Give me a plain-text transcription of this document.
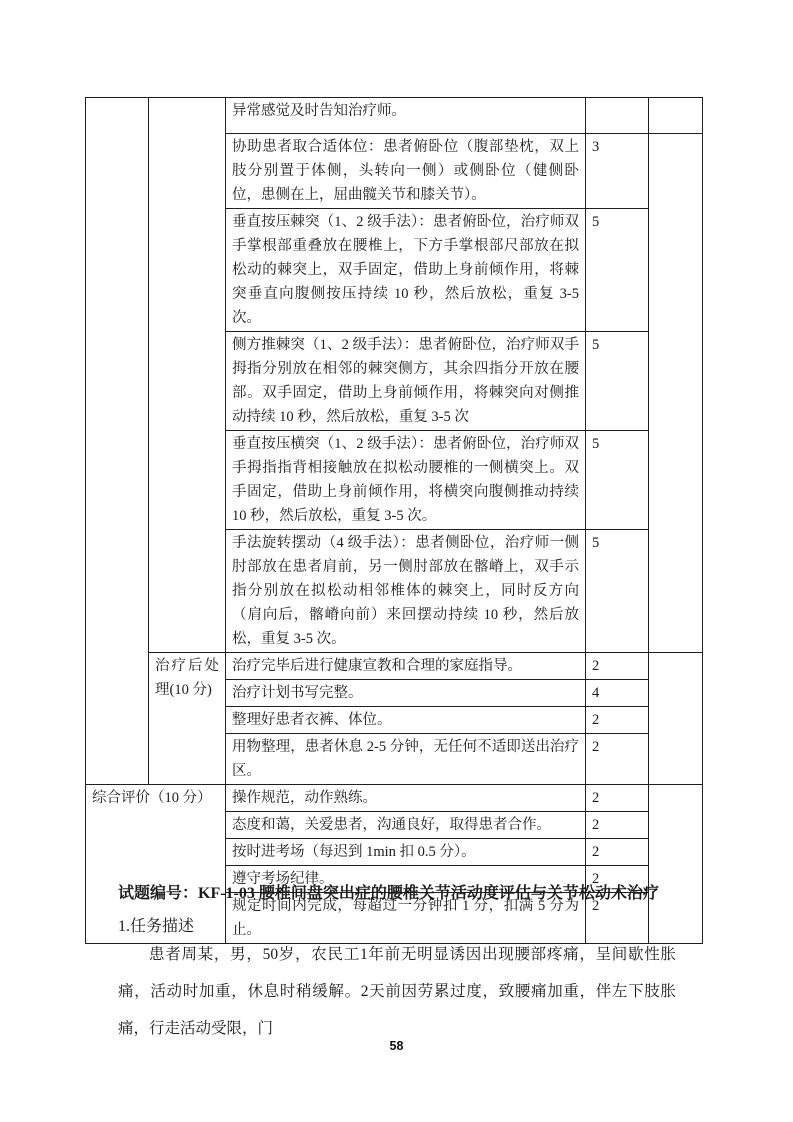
		异常感觉及时告知治疗师。		
		协助患者取合适体位：患者俯卧位（腹部垫枕，双上肢分别置于体侧，头转向一侧）或侧卧位（健侧卧位，患侧在上，屈曲髋关节和膝关节）。	3	
		垂直按压棘突（1、2 级手法）：患者俯卧位，治疗师双手掌根部重叠放在腰椎上，下方手掌根部尺部放在拟松动的棘突上，双手固定，借助上身前倾作用，将棘突垂直向腹侧按压持续 10 秒，然后放松，重复 3-5 次。	5	
		侧方推棘突（1、2 级手法）：患者俯卧位，治疗师双手拇指分别放在相邻的棘突侧方，其余四指分开放在腰部。双手固定，借助上身前倾作用，将棘突向对侧推动持续 10 秒，然后放松，重复 3-5 次	5	
		垂直按压横突（1、2 级手法）：患者俯卧位，治疗师双手拇指指背相接触放在拟松动腰椎的一侧横突上。双手固定，借助上身前倾作用，将横突向腹侧推动持续 10 秒，然后放松，重复 3-5 次。	5	
		手法旋转摆动（4 级手法）：患者侧卧位，治疗师一侧肘部放在患者肩前，另一侧肘部放在髂嵴上，双手示指分别放在拟松动相邻椎体的棘突上，同时反方向（肩向后，髂嵴向前）来回摆动持续 10 秒，然后放松，重复 3-5 次。	5	
	治疗后处理(10 分)	治疗完毕后进行健康宣教和合理的家庭指导。	2	
		治疗计划书写完整。	4	
		整理好患者衣裤、体位。	2	
		用物整理，患者休息 2-5 分钟，无任何不适即送出治疗区。	2	
综合评价（10 分）		操作规范，动作熟练。	2	
		态度和蔼，关爱患者，沟通良好，取得患者合作。	2	
		按时进考场（每迟到 1min 扣 0.5 分）。	2	
		遵守考场纪律。	2	
		规定时间内完成，每超过一分钟扣 1 分，扣满 5 分为止。	2	
试题编号：KF-1-03 腰椎间盘突出症的腰椎关节活动度评估与关节松动术治疗
1.任务描述
患者周某，男，50岁，农民工1年前无明显诱因出现腰部疼痛，呈间歇性胀痛，活动时加重，休息时稍缓解。2天前因劳累过度，致腰痛加重，伴左下肢胀痛，行走活动受限，门
58
